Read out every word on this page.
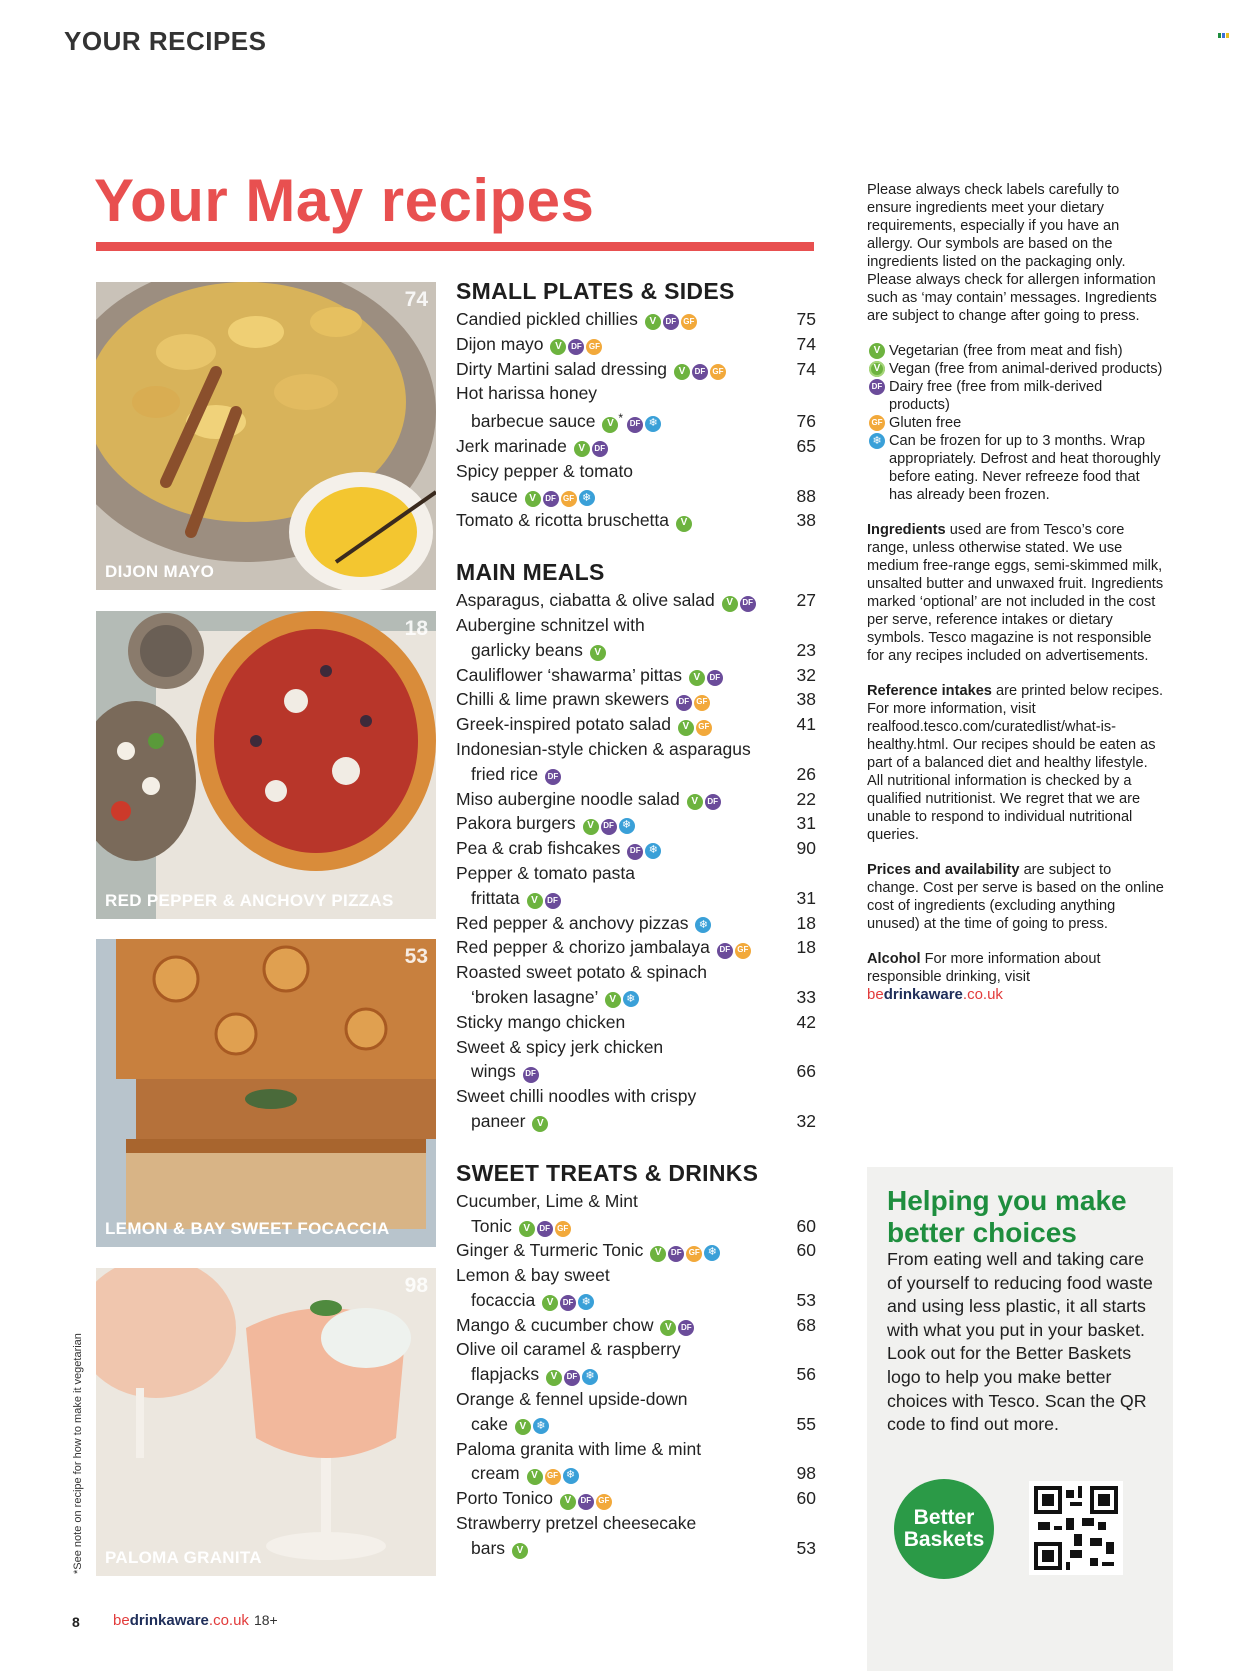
YOUR RECIPES
Your May recipes
74
DIJON MAYO
18
RED PEPPER & ANCHOVY PIZZAS
53
LEMON & BAY SWEET FOCACCIA
98
PALOMA GRANITA
*See note on recipe for how to make it vegetarian
SMALL PLATES & SIDES
Candied pickled chillies V DF GF	75
Dijon mayo V DF GF	74
Dirty Martini salad dressing V DF GF	74
Hot harissa honey
barbecue sauce V * DF ❄	76
Jerk marinade V DF	65
Spicy pepper & tomato
sauce V DF GF ❄	88
Tomato & ricotta bruschetta V	38
MAIN MEALS
Asparagus, ciabatta & olive salad V DF	27
Aubergine schnitzel with
garlicky beans V	23
Cauliflower ‘shawarma’ pittas V DF	32
Chilli & lime prawn skewers DF GF	38
Greek-inspired potato salad V GF	41
Indonesian-style chicken & asparagus
fried rice DF	26
Miso aubergine noodle salad V DF	22
Pakora burgers V DF ❄	31
Pea & crab fishcakes DF ❄	90
Pepper & tomato pasta
frittata V DF	31
Red pepper & anchovy pizzas ❄	18
Red pepper & chorizo jambalaya DF GF	18
Roasted sweet potato & spinach
‘broken lasagne’ V ❄	33
Sticky mango chicken	42
Sweet & spicy jerk chicken
wings DF	66
Sweet chilli noodles with crispy
paneer V	32
SWEET TREATS & DRINKS
Cucumber, Lime & Mint
Tonic V DF GF	60
Ginger & Turmeric Tonic V DF GF ❄	60
Lemon & bay sweet
focaccia V DF ❄	53
Mango & cucumber chow V DF	68
Olive oil caramel & raspberry
flapjacks V DF ❄	56
Orange & fennel upside-down
cake V ❄	55
Paloma granita with lime & mint
cream V GF ❄	98
Porto Tonico V DF GF	60
Strawberry pretzel cheesecake
bars V	53

Please always check labels carefully to ensure ingredients meet your dietary requirements, especially if you have an allergy. Our symbols are based on the ingredients listed on the packaging only. Please always check for allergen information such as ‘may contain’ messages. Ingredients are subject to change after going to press.

V Vegetarian (free from meat and fish)
V Vegan (free from animal-derived products)
DF Dairy free (free from milk-derived products)
GF Gluten free
❄ Can be frozen for up to 3 months. Wrap appropriately. Defrost and heat thoroughly before eating. Never refreeze food that has already been frozen.

Ingredients used are from Tesco’s core range, unless otherwise stated. We use medium free-range eggs, semi-skimmed milk, unsalted butter and unwaxed fruit. Ingredients marked ‘optional’ are not included in the cost per serve, reference intakes or dietary symbols. Tesco magazine is not responsible for any recipes included on advertisements.

Reference intakes are printed below recipes. For more information, visit realfood.tesco.com/curatedlist/what-is-healthy.html. Our recipes should be eaten as part of a balanced diet and healthy lifestyle. All nutritional information is checked by a qualified nutritionist. We regret that we are unable to respond to individual nutritional queries.

Prices and availability are subject to change. Cost per serve is based on the online cost of ingredients (excluding anything unused) at the time of going to press.

Alcohol For more information about responsible drinking, visit
bedrinkaware.co.uk

Helping you make better choices
From eating well and taking care of yourself to reducing food waste and using less plastic, it all starts with what you put in your basket. Look out for the Better Baskets logo to help you make better choices with Tesco. Scan the QR code to find out more.
Better
Baskets
8 bedrinkaware.co.uk 18+
